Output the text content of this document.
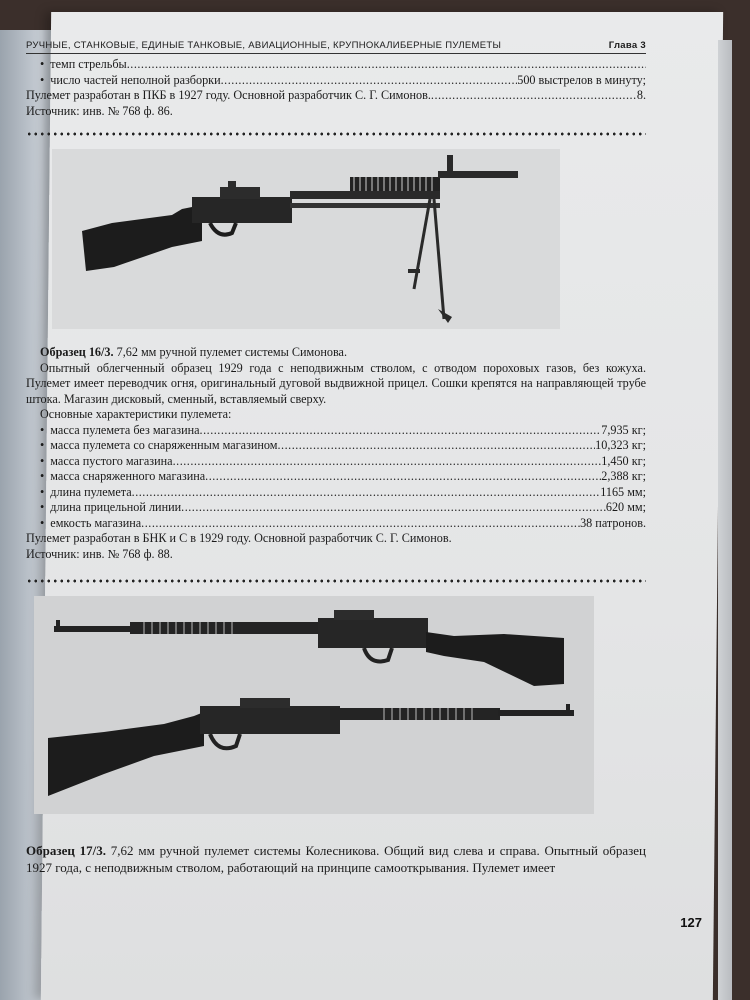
РУЧНЫЕ, СТАНКОВЫЕ, ЕДИНЫЕ ТАНКОВЫЕ, АВИАЦИОННЫЕ, КРУПНОКАЛИБЕРНЫЕ ПУЛЕМЕТЫ	Глава 3
• темп стрельбы
.....
• число частей неполной разборки .....	500 выстрелов в минуту;
Пулемет разработан в ПКБ в 1927 году. Основной разработчик С. Г. Симонов. .....	8.
Источник: инв. № 768 ф. 86.
Образец 16/3. 7,62 мм ручной пулемет системы Симонова.
Опытный облегченный образец 1929 года с неподвижным стволом, с отводом пороховых газов, без кожуха. Пулемет имеет переводчик огня, оригинальный дуговой выдвижной прицел. Сошки крепятся на направляющей трубе штока. Магазин дисковый, сменный, вставляемый сверху.
Основные характеристики пулемета:
• масса пулемета без магазина .....	7,935 кг;
• масса пулемета со снаряженным магазином .....	10,323 кг;
• масса пустого магазина .....	1,450 кг;
• масса снаряженного магазина .....	2,388 кг;
• длина пулемета .....	1165 мм;
• длина прицельной линии .....	620 мм;
• емкость магазина .....	38 патронов.
Пулемет разработан в БНК и С в 1929 году. Основной разработчик С. Г. Симонов.
Источник: инв. № 768 ф. 88.
Образец 17/3. 7,62 мм ручной пулемет системы Колесникова. Общий вид слева и справа. Опытный образец 1927 года, с неподвижным стволом, работающий на принципе самооткрывания. Пулемет имеет
127
